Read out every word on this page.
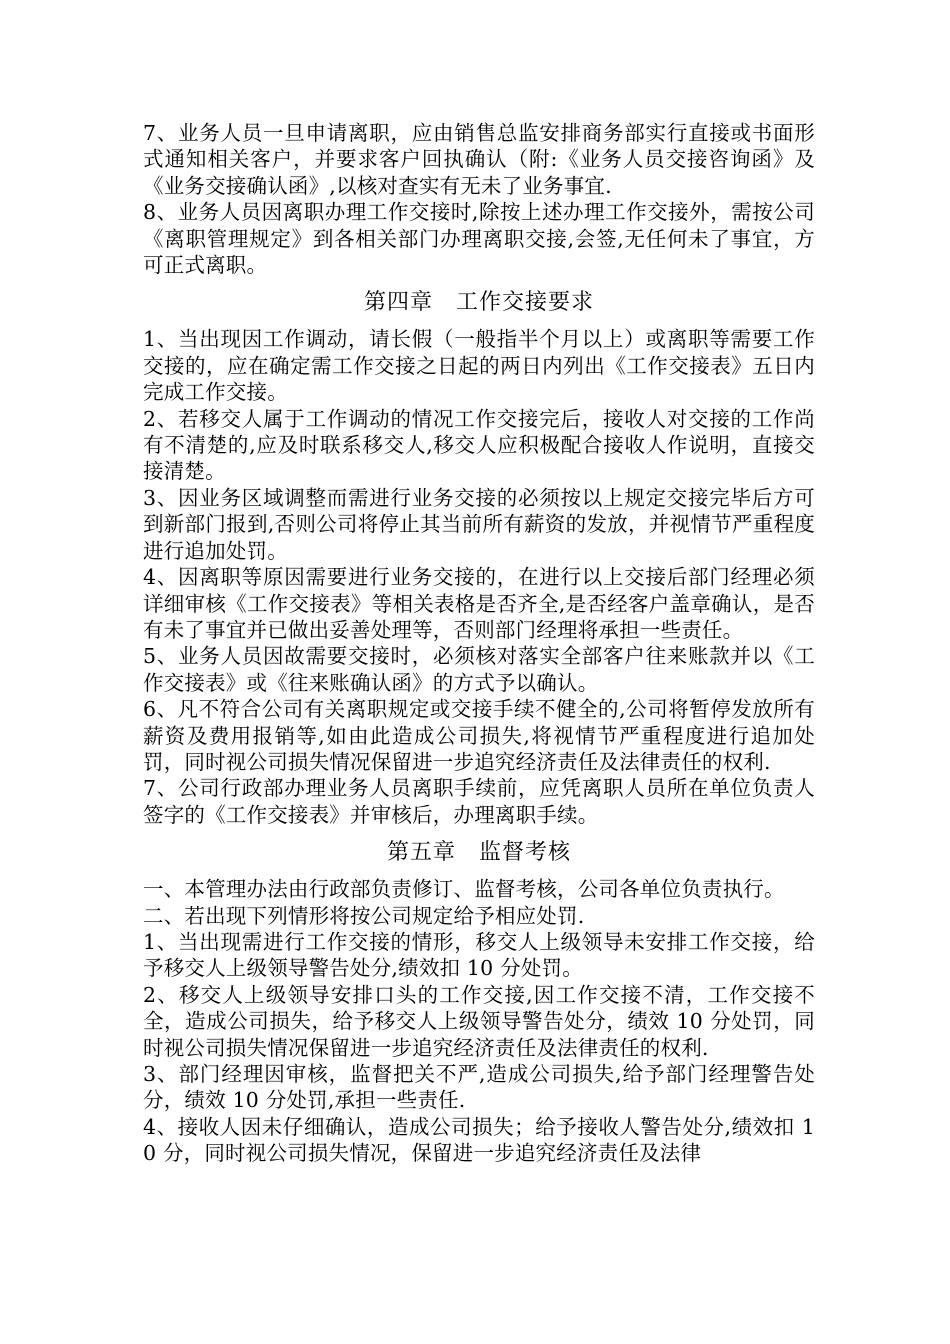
7、业务人员一旦申请离职，应由销售总监安排商务部实行直接或书面形式通知相关客户，并要求客户回执确认（附:《业务人员交接咨询函》及《业务交接确认函》,以核对查实有无未了业务事宜.

8、业务人员因离职办理工作交接时,除按上述办理工作交接外，需按公司《离职管理规定》到各相关部门办理离职交接,会签,无任何未了事宜，方可正式离职。

第四章　工作交接要求

1、当出现因工作调动，请长假（一般指半个月以上）或离职等需要工作交接的，应在确定需工作交接之日起的两日内列出《工作交接表》五日内完成工作交接。

2、若移交人属于工作调动的情况工作交接完后，接收人对交接的工作尚有不清楚的,应及时联系移交人,移交人应积极配合接收人作说明，直接交接清楚。

3、因业务区域调整而需进行业务交接的必须按以上规定交接完毕后方可到新部门报到,否则公司将停止其当前所有薪资的发放，并视情节严重程度进行追加处罚。

4、因离职等原因需要进行业务交接的，在进行以上交接后部门经理必须详细审核《工作交接表》等相关表格是否齐全,是否经客户盖章确认，是否有未了事宜并已做出妥善处理等，否则部门经理将承担一些责任。

5、业务人员因故需要交接时，必须核对落实全部客户往来账款并以《工作交接表》或《往来账确认函》的方式予以确认。

6、凡不符合公司有关离职规定或交接手续不健全的,公司将暂停发放所有薪资及费用报销等,如由此造成公司损失,将视情节严重程度进行追加处罚，同时视公司损失情况保留进一步追究经济责任及法律责任的权利.

7、公司行政部办理业务人员离职手续前，应凭离职人员所在单位负责人签字的《工作交接表》并审核后，办理离职手续。

第五章　监督考核

一、本管理办法由行政部负责修订、监督考核，公司各单位负责执行。

二、若出现下列情形将按公司规定给予相应处罚.

1、当出现需进行工作交接的情形，移交人上级领导未安排工作交接，给予移交人上级领导警告处分,绩效扣 10 分处罚。

2、移交人上级领导安排口头的工作交接,因工作交接不清，工作交接不全，造成公司损失，给予移交人上级领导警告处分，绩效 10 分处罚，同时视公司损失情况保留进一步追究经济责任及法律责任的权利.

3、部门经理因审核，监督把关不严,造成公司损失,给予部门经理警告处分，绩效 10 分处罚,承担一些责任.

4、接收人因未仔细确认，造成公司损失；给予接收人警告处分,绩效扣 10 分，同时视公司损失情况，保留进一步追究经济责任及法律
